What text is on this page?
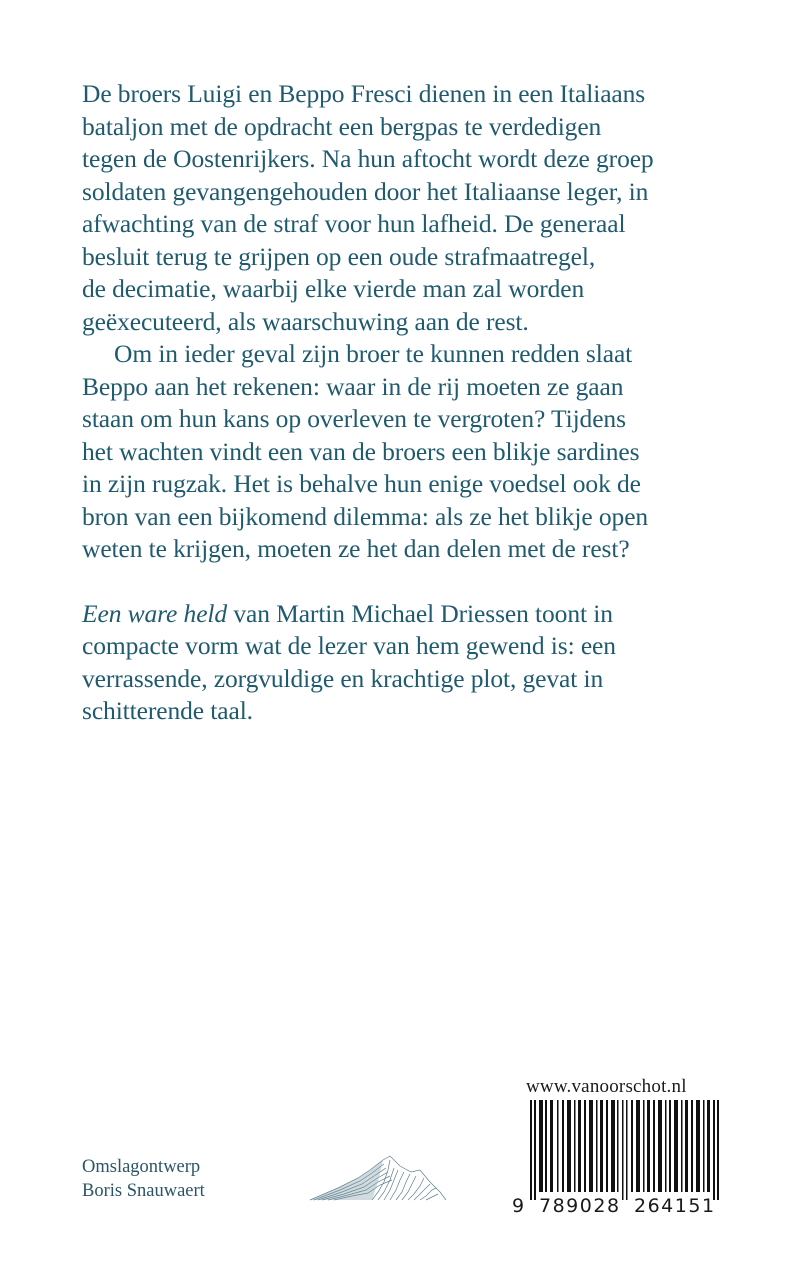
De broers Luigi en Beppo Fresci dienen in een Italiaans
bataljon met de opdracht een bergpas te verdedigen
tegen de Oostenrijkers. Na hun aftocht wordt deze groep
soldaten gevangengehouden door het Italiaanse leger, in
afwachting van de straf voor hun lafheid. De generaal
besluit terug te grijpen op een oude strafmaatregel,
de decimatie, waarbij elke vierde man zal worden
geëxecuteerd, als waarschuwing aan de rest.

Om in ieder geval zijn broer te kunnen redden slaat
Beppo aan het rekenen: waar in de rij moeten ze gaan
staan om hun kans op overleven te vergroten? Tijdens
het wachten vindt een van de broers een blikje sardines
in zijn rugzak. Het is behalve hun enige voedsel ook de
bron van een bijkomend dilemma: als ze het blikje open
weten te krijgen, moeten ze het dan delen met de rest?

Een ware held van Martin Michael Driessen toont in
compacte vorm wat de lezer van hem gewend is: een
verrassende, zorgvuldige en krachtige plot, gevat in
schitterende taal.

Omslagontwerp
Boris Snauwaert
www.vanoorschot.nl
9 789028 264151
